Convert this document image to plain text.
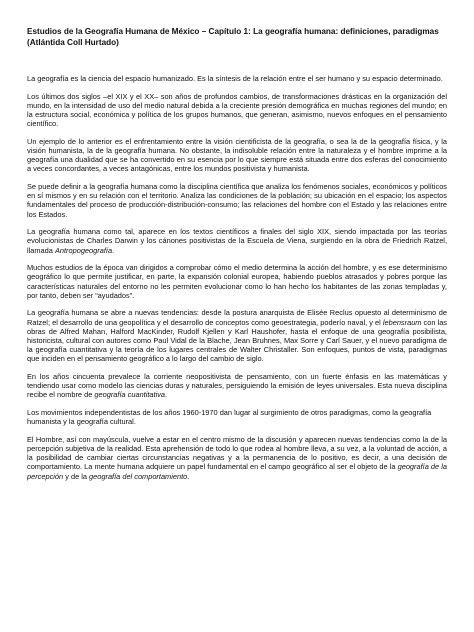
Estudios de la Geografía Humana de México – Capítulo 1: La geografía humana: definiciones, paradigmas (Atlántida Coll Hurtado)

La geografía es la ciencia del espacio humanizado. Es la síntesis de la relación entre el ser humano y su espacio determinado.

Los últimos dos siglos –el XIX y el XX– son años de profundos cambios, de transformaciones drásticas en la organización del mundo, en la intensidad de uso del medio natural debida a la creciente presión demográfica en muchas regiones del mundo; en la estructura social, económica y política de los grupos humanos, que generan, asimismo, nuevos enfoques en el pensamiento científico.

Un ejemplo de lo anterior es el enfrentamiento entre la visión cientificista de la geografía, o sea la de la geografía física, y la visión humanista, la de la geografía humana. No obstante, la indisoluble relación entre la naturaleza y el hombre imprime a la geografía una dualidad que se ha convertido en su esencia por lo que siempre está situada entre dos esferas del conocimiento a veces concordantes, a veces antagónicas, entre los mundos positivista y humanista.

Se puede definir a la geografía humana como la disciplina científica que analiza los fenómenos sociales, económicos y políticos en sí mismos y en su relación con el territorio. Analiza las condiciones de la población; su ubicación en el espacio; los aspectos fundamentales del proceso de producción-distribución-consumo; las relaciones del hombre con el Estado y las relaciones entre los Estados.

La geografía humana como tal, aparece en los textos científicos a finales del siglo XIX, siendo impactada por las teorías evolucionistas de Charles Darwin y los cánones positivistas de la Escuela de Viena, surgiendo en la obra de Friedrich Ratzel, llamada Antropogeografía.

Muchos estudios de la época van dirigidos a comprobar cómo el medio determina la acción del hombre, y es ese determinismo geográfico lo que permite justificar, en parte, la expansión colonial europea, habiendo pueblos atrasados y pobres porque las características naturales del entorno no les permiten evolucionar como lo han hecho los habitantes de las zonas templadas y, por tanto, deben ser “ayudados”.

La geografía humana se abre a nuevas tendencias: desde la postura anarquista de Elisée Reclus opuesto al determinismo de Ratzel; el desarrollo de una geopolítica y el desarrollo de conceptos como geoestrategia, poderío naval, y el lebensraum con las obras de Alfred Mahan, Halford MacKinder, Rudolf Kjellen y Karl Haushofer, hasta el enfoque de una geografía posibilista, historicista, cultural con autores como Paul Vidal de la Blache, Jean Bruhnes, Max Sorre y Carl Sauer, y el nuevo paradigma de la geografía cuantitativa y la teoría de los lugares centrales de Walter Christaller. Son enfoques, puntos de vista, paradigmas que inciden en el pensamiento geográfico a lo largo del cambio de siglo.

En los años cincuenta prevalece la corriente neopositivista de pensamiento, con un fuerte énfasis en las matemáticas y tendiendo usar como modelo las ciencias duras y naturales, persiguiendo la emisión de leyes universales. Esta nueva disciplina recibe el nombre de geografía cuantitativa.

Los movimientos independentistas de los años 1960-1970 dan lugar al surgimiento de otros paradigmas, como la geografía humanista y la geografía cultural.

El Hombre, así con mayúscula, vuelve a estar en el centro mismo de la discusión y aparecen nuevas tendencias como la de la percepción subjetiva de la realidad. Esta aprehensión de todo lo que rodea al hombre lleva, a su vez, a la voluntad de acción, a la posibilidad de cambiar ciertas circunstancias negativas y a la permanencia de lo positivo, es decir, a una decisión de comportamiento. La mente humana adquiere un papel fundamental en el campo geográfico al ser el objeto de la geografía de la percepción y de la geografía del comportamiento.
